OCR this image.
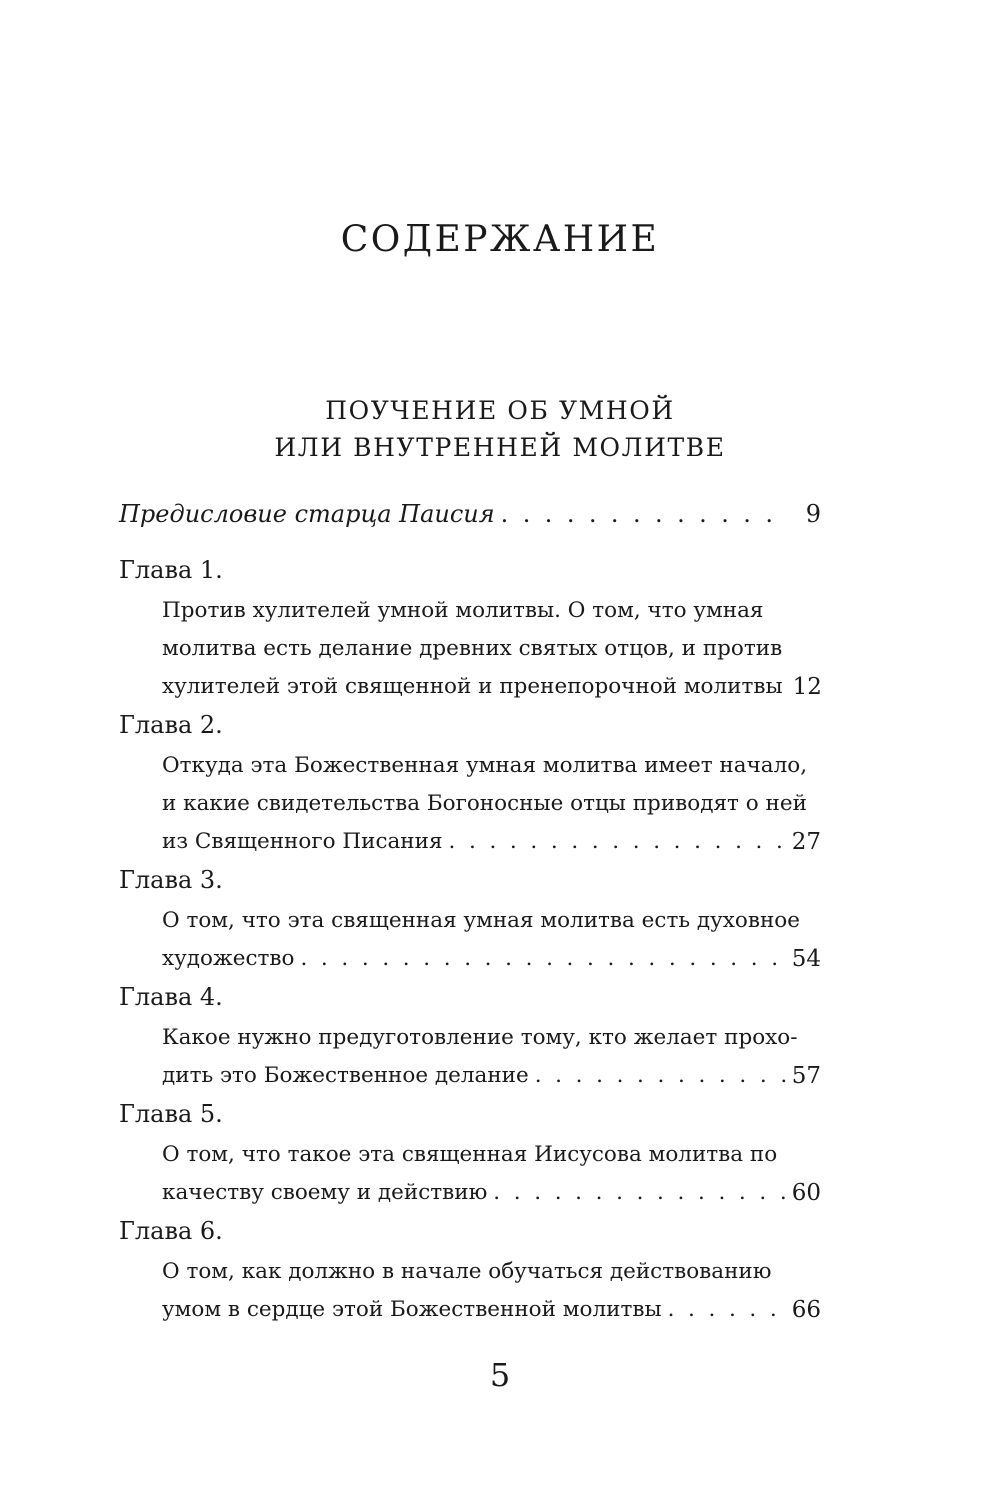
СОДЕРЖАНИЕ
ПОУЧЕНИЕ ОБ УМНОЙ
ИЛИ ВНУТРЕННЕЙ МОЛИТВЕ
Предисловие старца Паисия . . .	9
Глава 1.
Против хулителей умной молитвы. О том, что умная
молитва есть делание древних святых отцов, и против
хулителей этой священной и пренепорочной молитвы 12
Глава 2.
Откуда эта Божественная умная молитва имеет начало,
и какие свидетельства Богоносные отцы приводят о ней
из Священного Писания . . .	27
Глава 3.
О том, что эта священная умная молитва есть духовное
художество . . .	54
Глава 4.
Какое нужно предуготовление тому, кто желает прохо-
дить это Божественное делание . . .	57
Глава 5.
О том, что такое эта священная Иисусова молитва по
качеству своему и действию . . .	60
Глава 6.
О том, как должно в начале обучаться действованию
умом в сердце этой Божественной молитвы . . .	66
5
